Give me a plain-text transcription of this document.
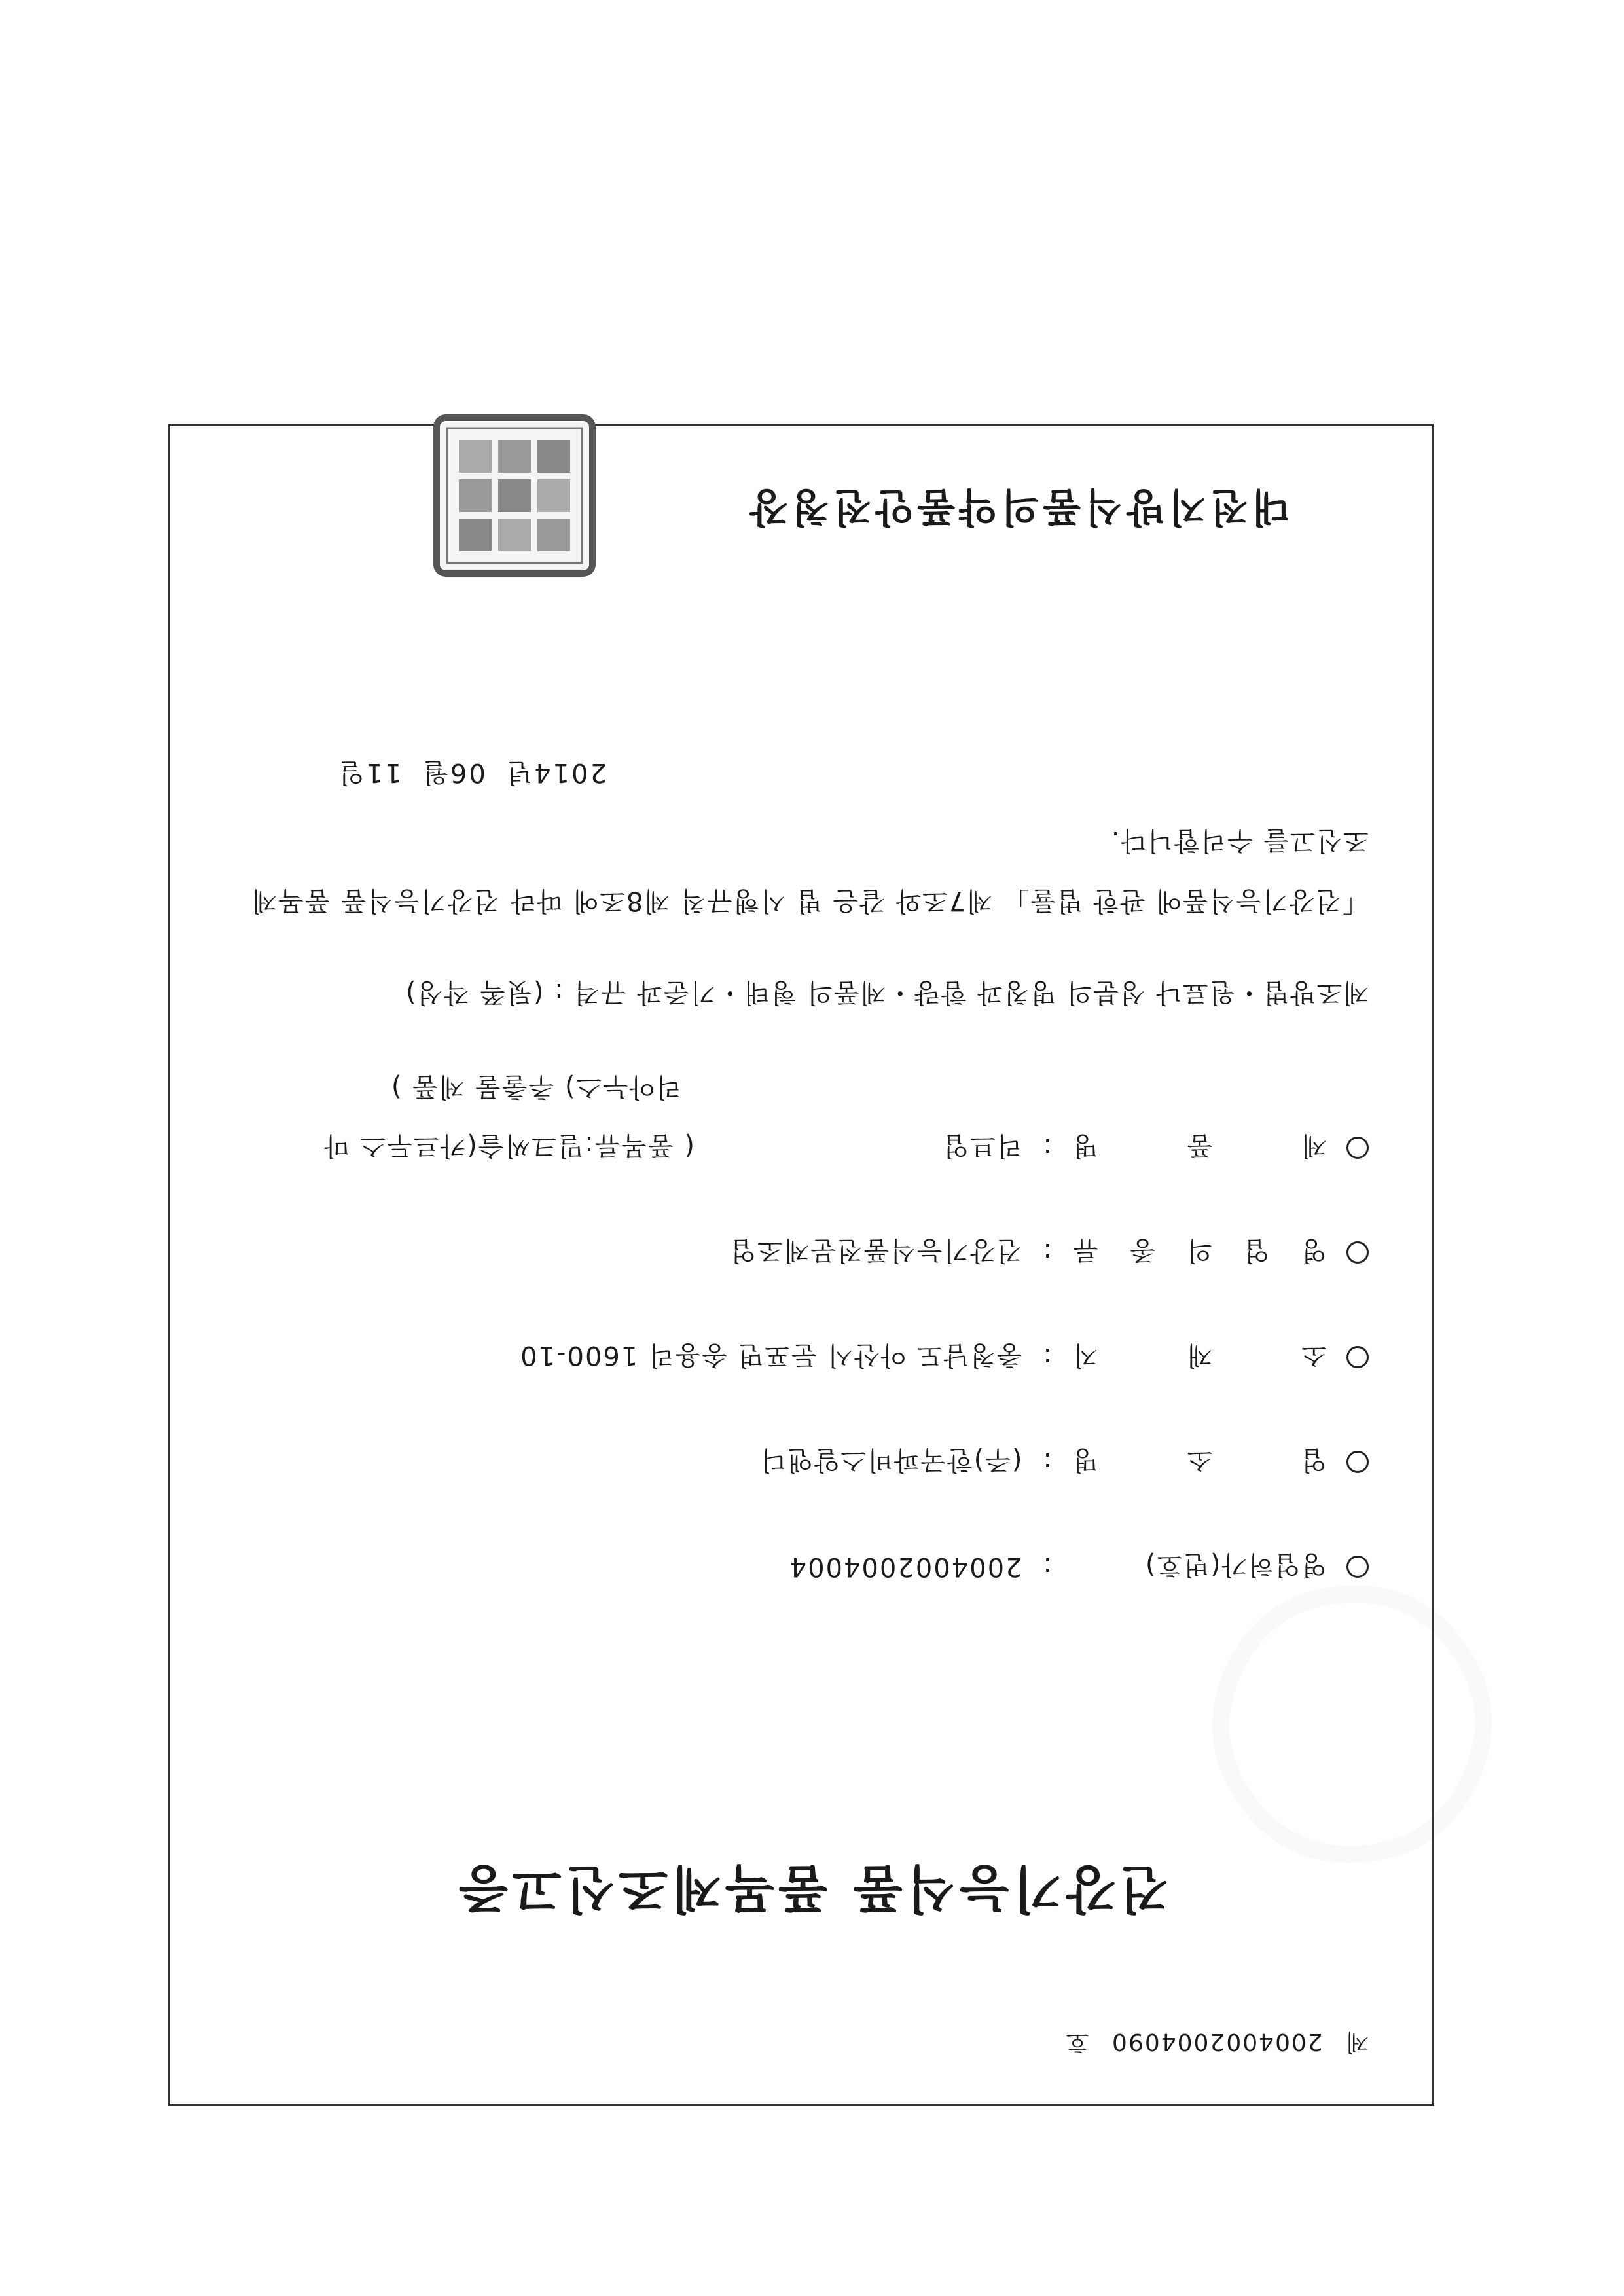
제 2004002004090 호
건강기능식품 품목제조신고증
영업허가(번호)
:
2004002004004
업 소 명
:
(주)한국파비스알앤디
소 재 지
:
충청남도 아산시 둔포면 송용리 1600-10
영 업 의 종 류
:
건강기능식품전문제조업
제 품 명
:
리브업
( 품목류:밀크씨슬(카르두스 마
리아누스) 추출물 제품 )
제조방법・원료나 성분의 명칭과 함량・제품의 형태・기준과 규격 : (뒷쪽 작성)
「건강기능식품에 관한 법률」 제7조와 같은 법 시행규칙 제8조에 따라 건강기능식품 품목제조신고를 수리합니다.
2014년 06월 11일
대전지방식품의약품안전청장
